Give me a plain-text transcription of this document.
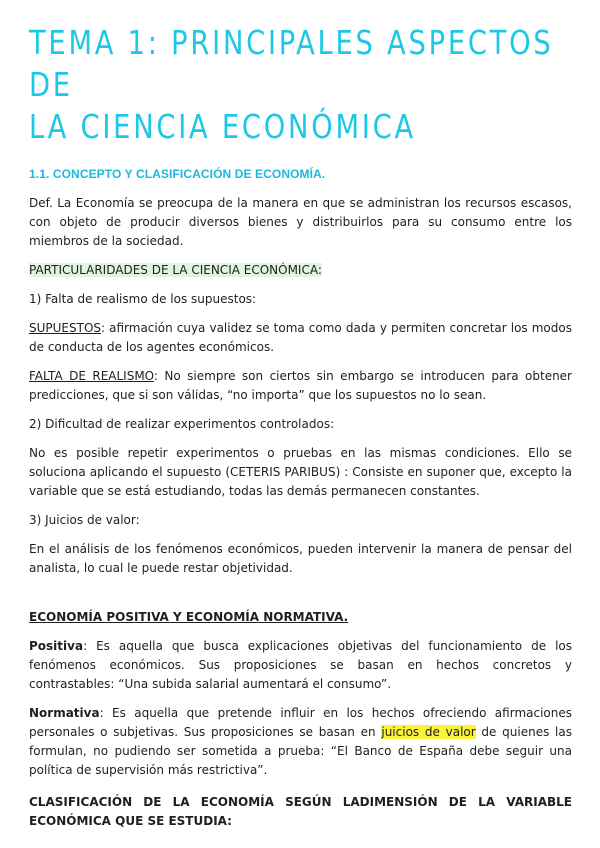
TEMA 1: PRINCIPALES ASPECTOS DE
LA CIENCIA ECONÓMICA
1.1. CONCEPTO Y CLASIFICACIÓN DE ECONOMÍA.

Def. La Economía se preocupa de la manera en que se administran los recursos escasos, con objeto de producir diversos bienes y distribuirlos para su consumo entre los miembros de la sociedad.

PARTICULARIDADES DE LA CIENCIA ECONÓMICA:

1) Falta de realismo de los supuestos:

SUPUESTOS: afirmación cuya validez se toma como dada y permiten concretar los modos de conducta de los agentes económicos.

FALTA DE REALISMO: No siempre son ciertos sin embargo se introducen para obtener predicciones, que si son válidas, “no importa” que los supuestos no lo sean.

2) Dificultad de realizar experimentos controlados:

No es posible repetir experimentos o pruebas en las mismas condiciones. Ello se soluciona aplicando el supuesto (CETERIS PARIBUS) : Consiste en suponer que, excepto la variable que se está estudiando, todas las demás permanecen constantes.

3) Juicios de valor:

En el análisis de los fenómenos económicos, pueden intervenir la manera de pensar del analista, lo cual le puede restar objetividad.

ECONOMÍA POSITIVA Y ECONOMÍA NORMATIVA.

Positiva: Es aquella que busca explicaciones objetivas del funcionamiento de los fenómenos económicos. Sus proposiciones se basan en hechos concretos y contrastables: “Una subida salarial aumentará el consumo”.

Normativa: Es aquella que pretende influir en los hechos ofreciendo afirmaciones personales o subjetivas. Sus proposiciones se basan en juicios de valor de quienes las formulan, no pudiendo ser sometida a prueba: “El Banco de España debe seguir una política de supervisión más restrictiva”.

CLASIFICACIÓN DE LA ECONOMÍA SEGÚN LADIMENSIÓN DE LA VARIABLE ECONÓMICA QUE SE ESTUDIA:
